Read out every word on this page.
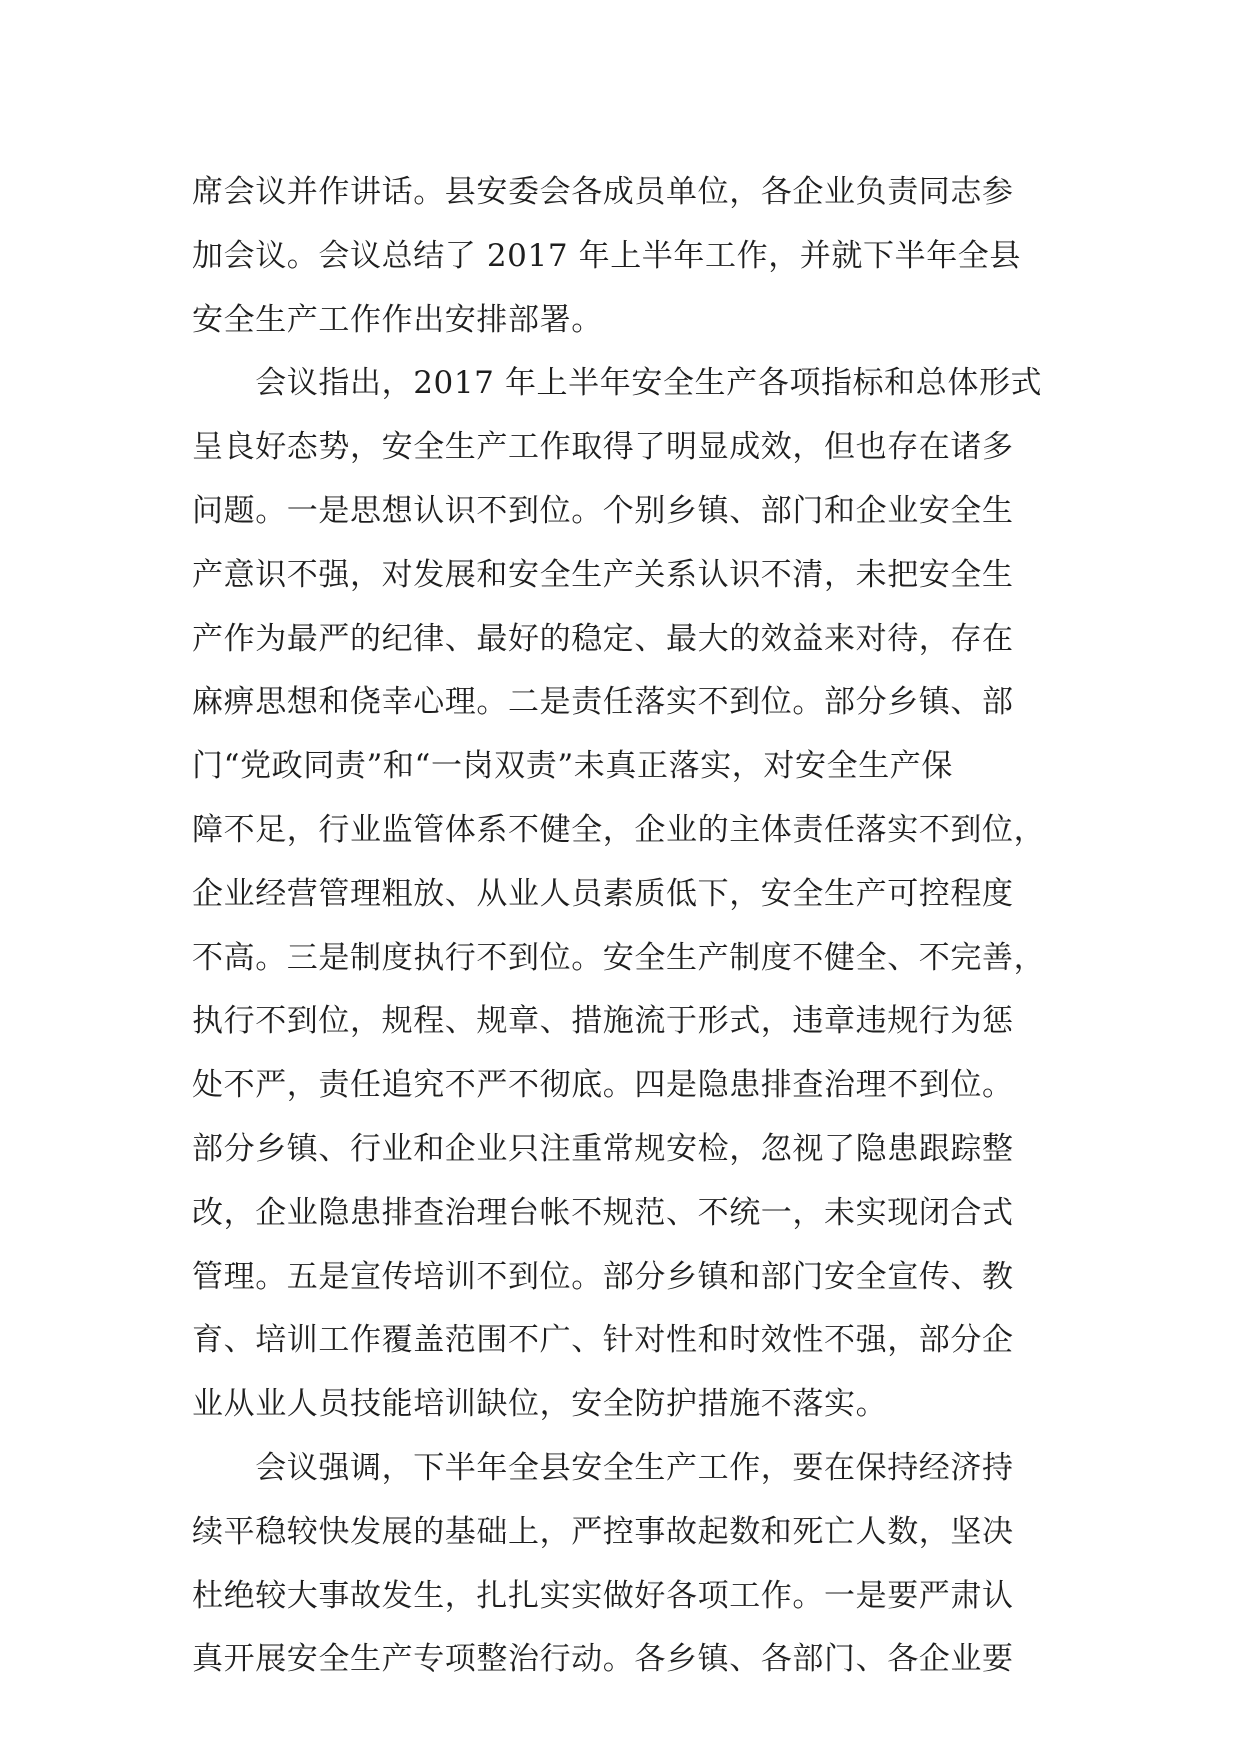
席会议并作讲话。县安委会各成员单位，各企业负责同志参
加会议。会议总结了 2017 年上半年工作，并就下半年全县
安全生产工作作出安排部署。
　　会议指出，2017 年上半年安全生产各项指标和总体形式
呈良好态势，安全生产工作取得了明显成效，但也存在诸多
问题。一是思想认识不到位。个别乡镇、部门和企业安全生
产意识不强，对发展和安全生产关系认识不清，未把安全生
产作为最严的纪律、最好的稳定、最大的效益来对待，存在
麻痹思想和侥幸心理。二是责任落实不到位。部分乡镇、部
门“党政同责”和“一岗双责”未真正落实，对安全生产保
障不足，行业监管体系不健全，企业的主体责任落实不到位，
企业经营管理粗放、从业人员素质低下，安全生产可控程度
不高。三是制度执行不到位。安全生产制度不健全、不完善，
执行不到位，规程、规章、措施流于形式，违章违规行为惩
处不严，责任追究不严不彻底。四是隐患排查治理不到位。
部分乡镇、行业和企业只注重常规安检，忽视了隐患跟踪整
改，企业隐患排查治理台帐不规范、不统一，未实现闭合式
管理。五是宣传培训不到位。部分乡镇和部门安全宣传、教
育、培训工作覆盖范围不广、针对性和时效性不强，部分企
业从业人员技能培训缺位，安全防护措施不落实。
　　会议强调，下半年全县安全生产工作，要在保持经济持
续平稳较快发展的基础上，严控事故起数和死亡人数，坚决
杜绝较大事故发生，扎扎实实做好各项工作。一是要严肃认
真开展安全生产专项整治行动。各乡镇、各部门、各企业要
